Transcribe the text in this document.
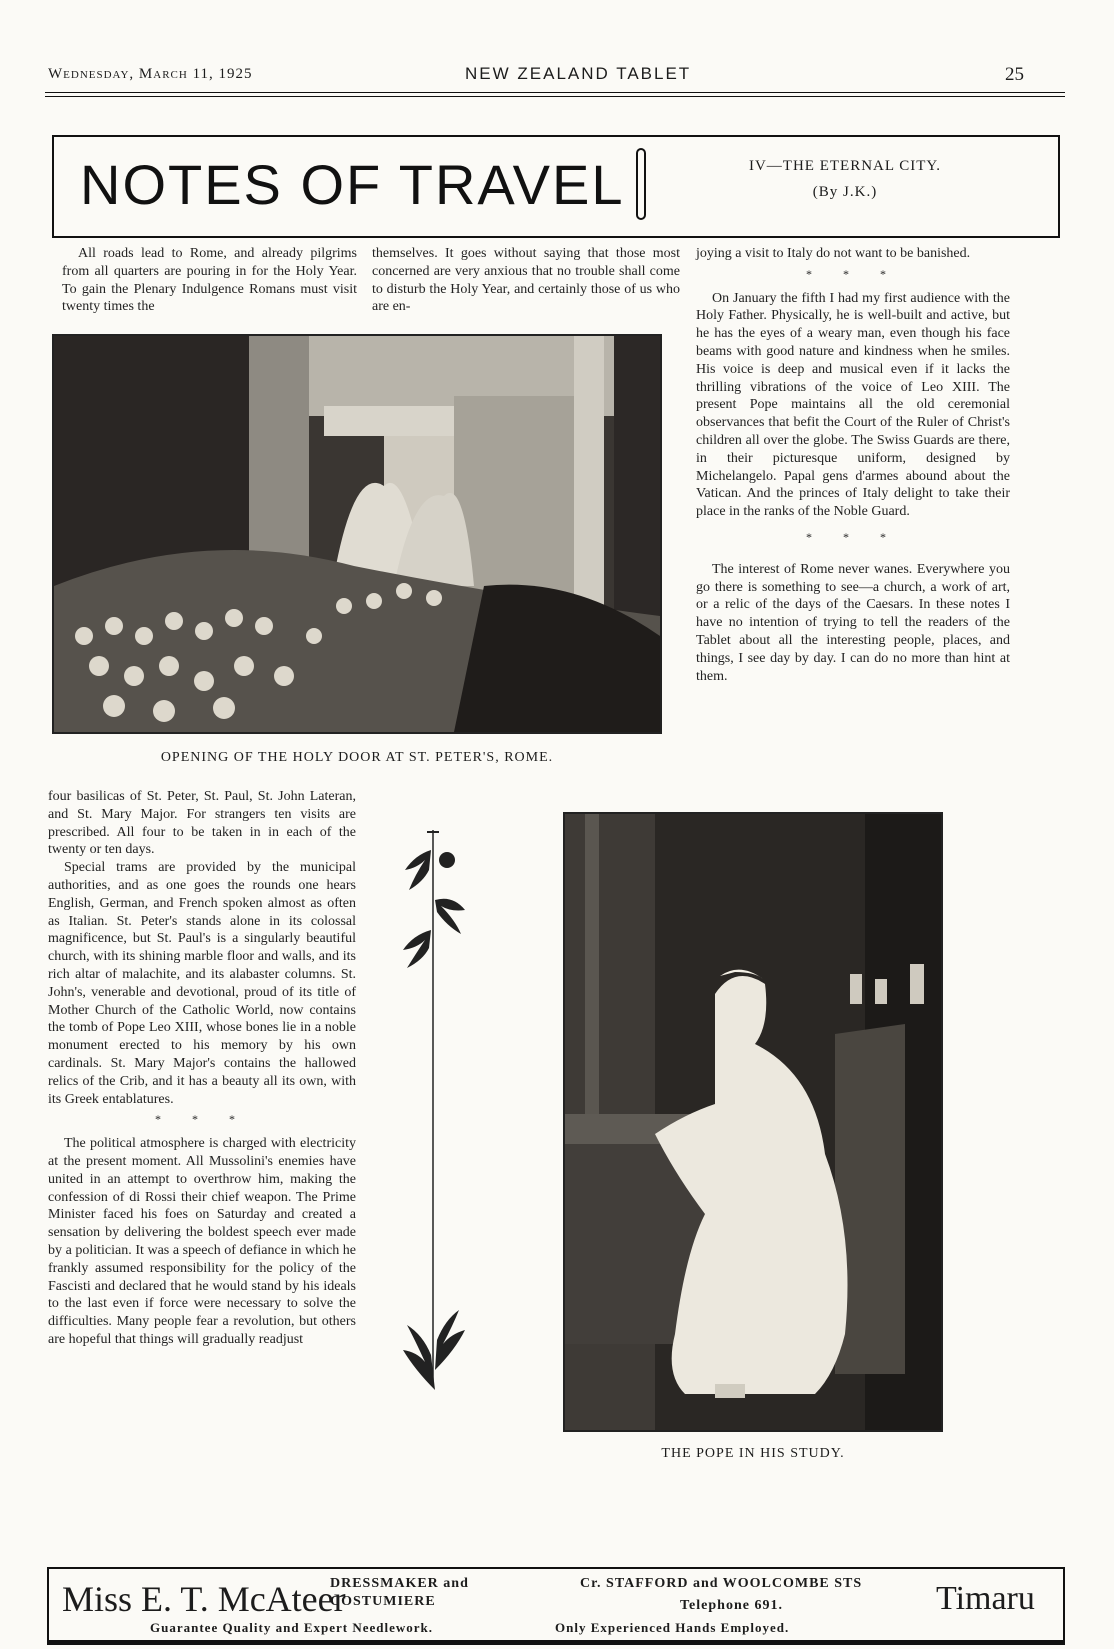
Wednesday, March 11, 1925	NEW ZEALAND TABLET	25
NOTES OF TRAVEL	IV—THE ETERNAL CITY.
(By J.K.)

All roads lead to Rome, and already pilgrims from all quarters are pouring in for the Holy Year. To gain the Plenary Indulgence Romans must visit twenty times the

themselves. It goes without saying that those most concerned are very anxious that no trouble shall come to disturb the Holy Year, and certainly those of us who are en-

joying a visit to Italy do not want to be banished.

* * *

On January the fifth I had my first audience with the Holy Father. Physically, he is well-built and active, but he has the eyes of a weary man, even though his face beams with good nature and kindness when he smiles. His voice is deep and musical even if it lacks the thrilling vibrations of the voice of Leo XIII. The present Pope maintains all the old ceremonial observances that befit the Court of the Ruler of Christ's children all over the globe. The Swiss Guards are there, in their picturesque uniform, designed by Michelangelo. Papal gens d'armes abound about the Vatican. And the princes of Italy delight to take their place in the ranks of the Noble Guard.

* * *

The interest of Rome never wanes. Everywhere you go there is something to see—a church, a work of art, or a relic of the days of the Caesars. In these notes I have no intention of trying to tell the readers of the Tablet about all the interesting people, places, and things, I see day by day. I can do no more than hint at them.

OPENING OF THE HOLY DOOR AT ST. PETER'S, ROME.

four basilicas of St. Peter, St. Paul, St. John Lateran, and St. Mary Major. For strangers ten visits are prescribed. All four to be taken in in each of the twenty or ten days.

Special trams are provided by the municipal authorities, and as one goes the rounds one hears English, German, and French spoken almost as often as Italian. St. Peter's stands alone in its colossal magnificence, but St. Paul's is a singularly beautiful church, with its shining marble floor and walls, and its rich altar of malachite, and its alabaster columns. St. John's, venerable and devotional, proud of its title of Mother Church of the Catholic World, now contains the tomb of Pope Leo XIII, whose bones lie in a noble monument erected to his memory by his own cardinals. St. Mary Major's contains the hallowed relics of the Crib, and it has a beauty all its own, with its Greek entablatures.

* * *

The political atmosphere is charged with electricity at the present moment. All Mussolini's enemies have united in an attempt to overthrow him, making the confession of di Rossi their chief weapon. The Prime Minister faced his foes on Saturday and created a sensation by delivering the boldest speech ever made by a politician. It was a speech of defiance in which he frankly assumed responsibility for the policy of the Fascisti and declared that he would stand by his ideals to the last even if force were necessary to solve the difficulties. Many people fear a revolution, but others are hopeful that things will gradually readjust

THE POPE IN HIS STUDY.
Miss E. T. McAteer
DRESSMAKER and
COSTUMIERE
Guarantee Quality and Expert Needlework.
Cr. STAFFORD and WOOLCOMBE STS
Telephone 691.
Only Experienced Hands Employed.
Timaru
